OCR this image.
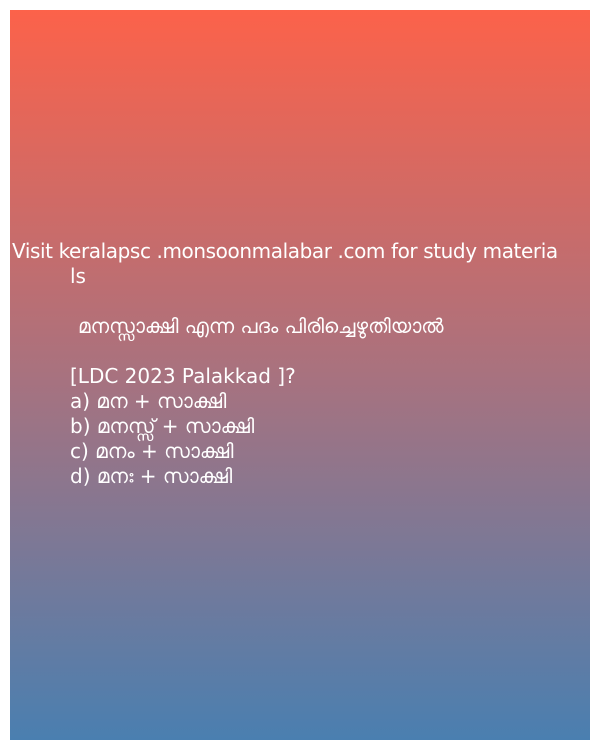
Visit keralapsc .monsoonmalabar .com for study materia

ls

മനസ്സാക്ഷി എന്ന പദം പിരിച്ചെഴുതിയാൽ

[LDC 2023 Palakkad ]?

a) മന + സാക്ഷി

b) മനസ്സ് + സാക്ഷി

c) മനം + സാക്ഷി

d) മനഃ + സാക്ഷി
